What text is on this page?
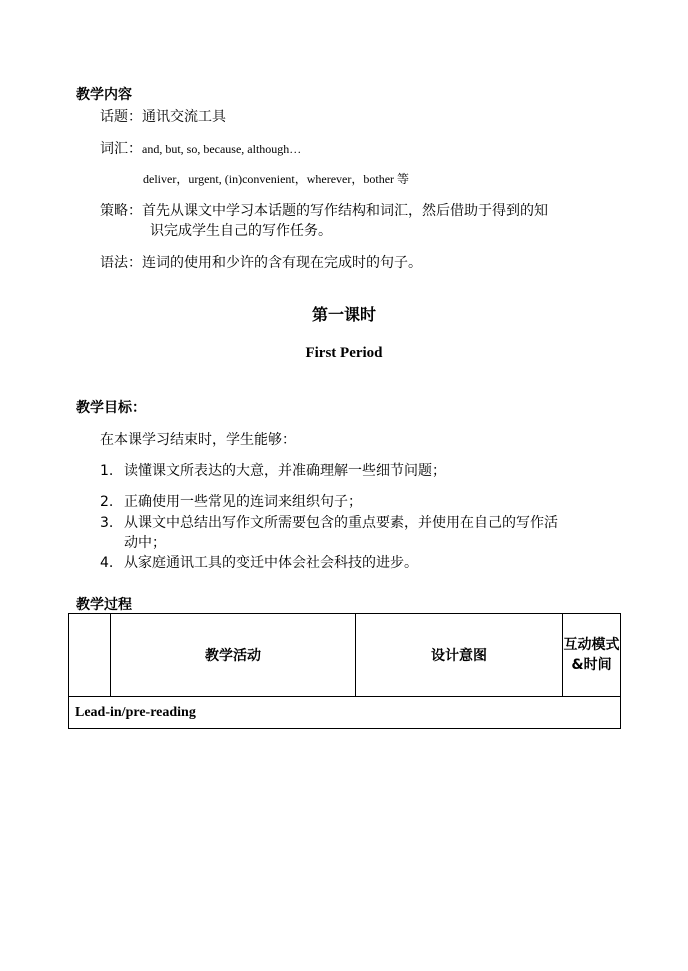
教学内容
话题：通讯交流工具
词汇：and, but, so, because, although…
deliver，urgent, (in)convenient，wherever，bother 等
策略：首先从课文中学习本话题的写作结构和词汇，然后借助于得到的知
识完成学生自己的写作任务。
语法：连词的使用和少许的含有现在完成时的句子。
第一课时
First Period
教学目标：
在本课学习结束时，学生能够：
1. 读懂课文所表达的大意，并准确理解一些细节问题；
2. 正确使用一些常见的连词来组织句子；
3. 从课文中总结出写作文所需要包含的重点要素，并使用在自己的写作活
动中；
4. 从家庭通讯工具的变迁中体会社会科技的进步。
教学过程
	教学活动	设计意图	互动模式&时间
Lead-in/pre-reading
